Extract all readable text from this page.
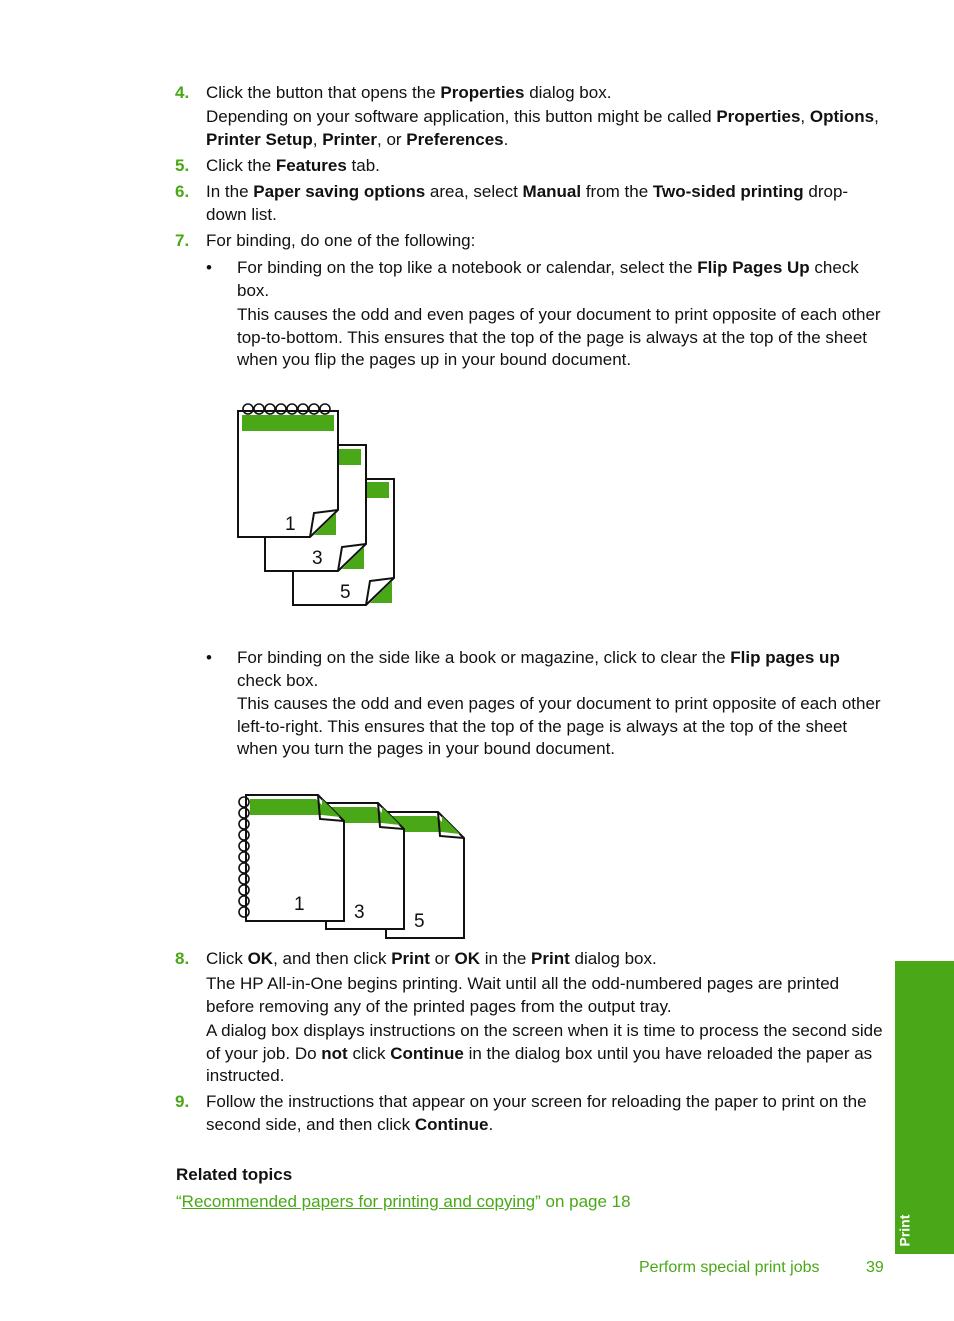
4. Click the button that opens the Properties dialog box.
Depending on your software application, this button might be called Properties, Options, Printer Setup, Printer, or Preferences.
5. Click the Features tab.
6. In the Paper saving options area, select Manual from the Two-sided printing drop-down list.
7. For binding, do one of the following:
• For binding on the top like a notebook or calendar, select the Flip Pages Up check box.
This causes the odd and even pages of your document to print opposite of each other top-to-bottom. This ensures that the top of the page is always at the top of the sheet when you flip the pages up in your bound document.
1
3
5
• For binding on the side like a book or magazine, click to clear the Flip pages up check box.
This causes the odd and even pages of your document to print opposite of each other left-to-right. This ensures that the top of the page is always at the top of the sheet when you turn the pages in your bound document.
1	3	5
8. Click OK, and then click Print or OK in the Print dialog box.
The HP All-in-One begins printing. Wait until all the odd-numbered pages are printed before removing any of the printed pages from the output tray.
A dialog box displays instructions on the screen when it is time to process the second side of your job. Do not click Continue in the dialog box until you have reloaded the paper as instructed.
9. Follow the instructions that appear on your screen for reloading the paper to print on the second side, and then click Continue.
Related topics
“Recommended papers for printing and copying” on page 18
Print
Perform special print jobs	39
